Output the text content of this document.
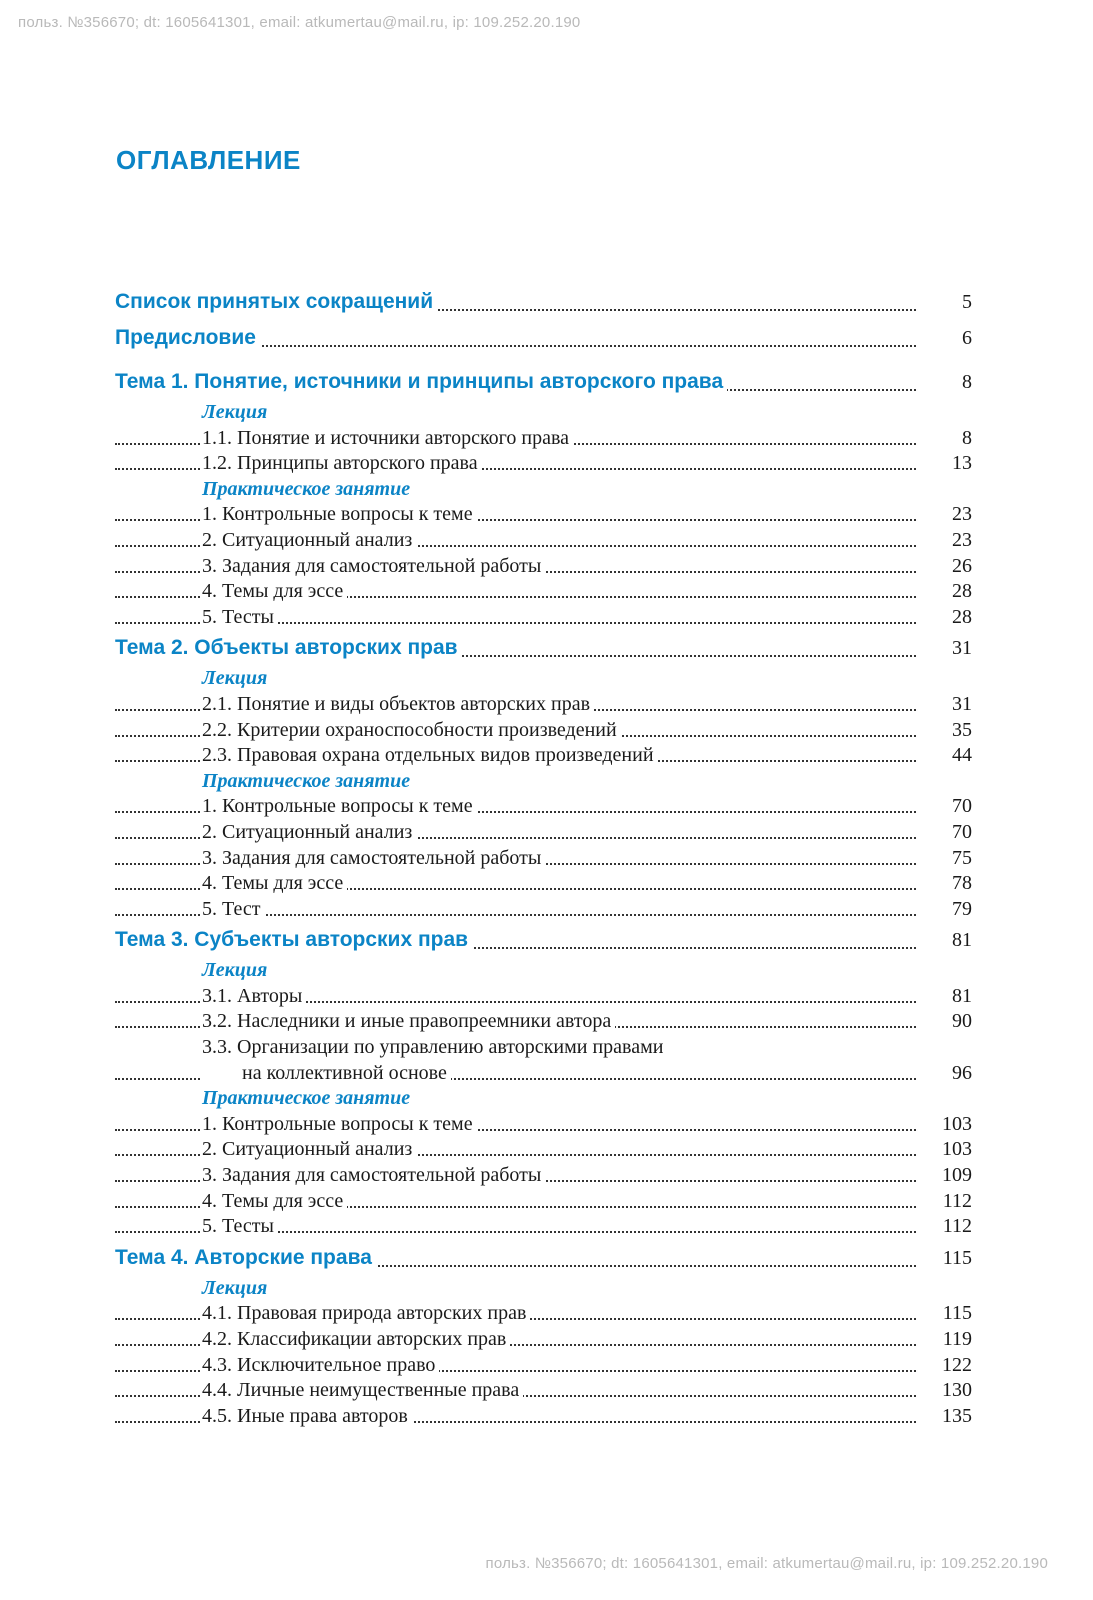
польз. №356670; dt: 1605641301, email: atkumertau@mail.ru, ip: 109.252.20.190
ОГЛАВЛЕНИЕ
Список принятых сокращений	5
Предисловие	6
Тема 1. Понятие, источники и принципы авторского права	8
Лекция
1.1. Понятие и источники авторского права	8
1.2. Принципы авторского права	13
Практическое занятие
1. Контрольные вопросы к теме	23
2. Ситуационный анализ	23
3. Задания для самостоятельной работы	26
4. Темы для эссе	28
5. Тесты	28
Тема 2. Объекты авторских прав	31
Лекция
2.1. Понятие и виды объектов авторских прав	31
2.2. Критерии охраноспособности произведений	35
2.3. Правовая охрана отдельных видов произведений	44
Практическое занятие
1. Контрольные вопросы к теме	70
2. Ситуационный анализ	70
3. Задания для самостоятельной работы	75
4. Темы для эссе	78
5. Тест	79
Тема 3. Субъекты авторских прав	81
Лекция
3.1. Авторы	81
3.2. Наследники и иные правопреемники автора	90
3.3. Организации по управлению авторскими правами
на коллективной основе	96
Практическое занятие
1. Контрольные вопросы к теме	103
2. Ситуационный анализ	103
3. Задания для самостоятельной работы	109
4. Темы для эссе	112
5. Тесты	112
Тема 4. Авторские права	115
Лекция
4.1. Правовая природа авторских прав	115
4.2. Классификации авторских прав	119
4.3. Исключительное право	122
4.4. Личные неимущественные права	130
4.5. Иные права авторов	135
польз. №356670; dt: 1605641301, email: atkumertau@mail.ru, ip: 109.252.20.190
